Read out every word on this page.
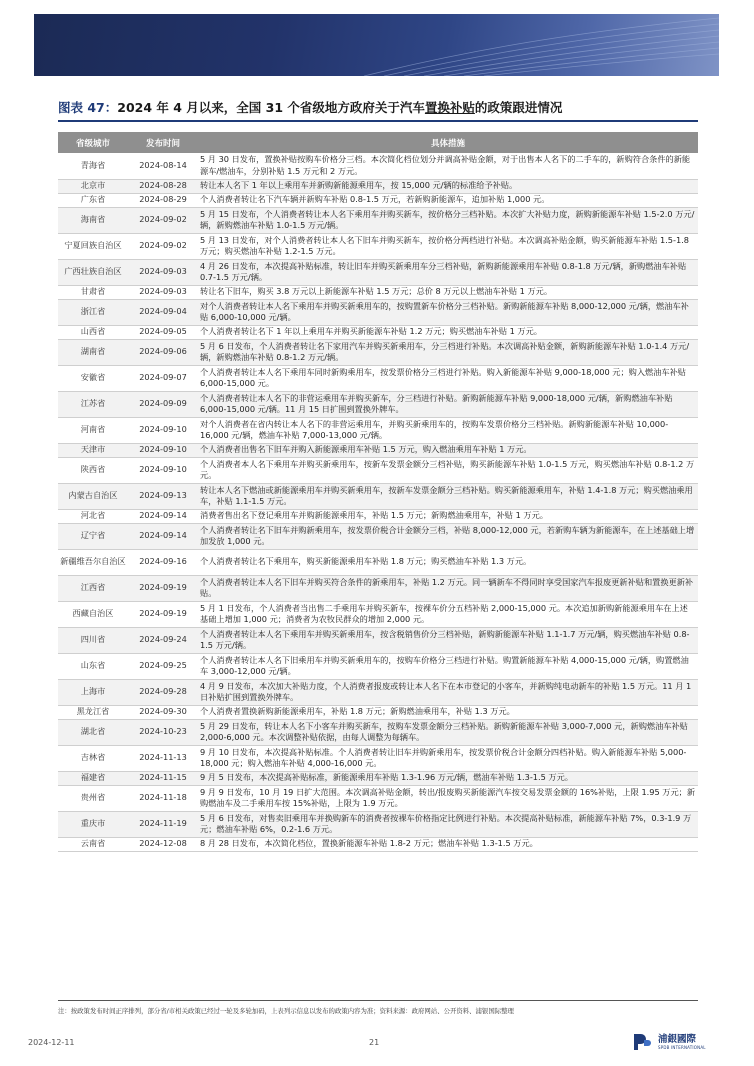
图表 47：2024 年 4 月以来，全国 31 个省级地方政府关于汽车置换补贴的政策跟进情况
省级城市	发布时间	具体措施
青海省	2024-08-14	5 月 30 日发布，置换补贴按购车价格分三档。本次简化档位划分并调高补贴金额，对于出售本人名下的二手车的，新购符合条件的新能源车/燃油车，分别补贴 1.5 万元和 2 万元。
北京市	2024-08-28	转让本人名下 1 年以上乘用车并新购新能源乘用车，按 15,000 元/辆的标准给予补贴。
广东省	2024-08-29	个人消费者转让名下汽车辆并新购车补贴 0.8-1.5 万元，若新购新能源车，追加补贴 1,000 元。
海南省	2024-09-02	5 月 15 日发布，个人消费者转让本人名下乘用车并购买新车，按价格分三档补贴。本次扩大补贴力度，新购新能源车补贴 1.5-2.0 万元/辆，新购燃油车补贴 1.0-1.5 万元/辆。
宁夏回族自治区	2024-09-02	5 月 13 日发布，对个人消费者转让本人名下旧车并购买新车，按价格分两档进行补贴。本次调高补贴金额，购买新能源车补贴 1.5-1.8 万元；购买燃油车补贴 1.2-1.5 万元。
广西壮族自治区	2024-09-03	4 月 26 日发布，本次提高补贴标准，转让旧车并购买新乘用车分三档补贴，新购新能源乘用车补贴 0.8-1.8 万元/辆，新购燃油车补贴 0.7-1.5 万元/辆。
甘肃省	2024-09-03	转让名下旧车，购买 3.8 万元以上新能源车补贴 1.5 万元；总价 8 万元以上燃油车补贴 1 万元。
浙江省	2024-09-04	对个人消费者转让本人名下乘用车并购买新乘用车的，按购置新车价格分三档补贴。新购新能源车补贴 8,000-12,000 元/辆，燃油车补贴 6,000-10,000 元/辆。
山西省	2024-09-05	个人消费者转让名下 1 年以上乘用车并购买新能源车补贴 1.2 万元；购买燃油车补贴 1 万元。
湖南省	2024-09-06	5 月 6 日发布，个人消费者转让名下家用汽车并购买新乘用车，分三档进行补贴。本次调高补贴金额，新购新能源车补贴 1.0-1.4 万元/辆，新购燃油车补贴 0.8-1.2 万元/辆。
安徽省	2024-09-07	个人消费者转让本人名下乘用车同时新购乘用车，按发票价格分三档进行补贴。购入新能源车补贴 9,000-18,000 元；购入燃油车补贴 6,000-15,000 元。
江苏省	2024-09-09	个人消费者转让本人名下的非营运乘用车并购买新车，分三档进行补贴。新购新能源车补贴 9,000-18,000 元/辆，新购燃油车补贴 6,000-15,000 元/辆。11 月 15 日扩围到置换外牌车。
河南省	2024-09-10	对个人消费者在省内转让本人名下的非营运乘用车，并购买新乘用车的，按购车发票价格分三档补贴。新购新能源车补贴 10,000-16,000 元/辆，燃油车补贴 7,000-13,000 元/辆。
天津市	2024-09-10	个人消费者出售名下旧车并购入新能源乘用车补贴 1.5 万元，购入燃油乘用车补贴 1 万元。
陕西省	2024-09-10	个人消费者本人名下乘用车并购买新乘用车，按新车发票金额分三档补贴，购买新能源车补贴 1.0-1.5 万元，购买燃油车补贴 0.8-1.2 万元。
内蒙古自治区	2024-09-13	转让本人名下燃油或新能源乘用车并购买新乘用车，按新车发票金额分三档补贴。购买新能源乘用车，补贴 1.4-1.8 万元；购买燃油乘用车，补贴 1.1-1.5 万元。
河北省	2024-09-14	消费者售出名下登记乘用车并购新能源乘用车，补贴 1.5 万元；新购燃油乘用车，补贴 1 万元。
辽宁省	2024-09-14	个人消费者转让名下旧车并购新乘用车，按发票价税合计金额分三档，补贴 8,000-12,000 元，若新购车辆为新能源车，在上述基础上增加发放 1,000 元。
新疆维吾尔自治区	2024-09-16	个人消费者转让名下乘用车，购买新能源乘用车补贴 1.8 万元；购买燃油车补贴 1.3 万元。
江西省	2024-09-19	个人消费者转让本人名下旧车并购买符合条件的新乘用车，补贴 1.2 万元。同一辆新车不得同时享受国家汽车报废更新补贴和置换更新补贴。
西藏自治区	2024-09-19	5 月 1 日发布，个人消费者当出售二手乘用车并购买新车，按裸车价分五档补贴 2,000-15,000 元。本次追加新购新能源乘用车在上述基础上增加 1,000 元；消费者为农牧民群众的增加 2,000 元。
四川省	2024-09-24	个人消费者转让本人名下乘用车并购买新乘用车，按含税销售价分三档补贴，新购新能源车补贴 1.1-1.7 万元/辆，购买燃油车补贴 0.8-1.5 万元/辆。
山东省	2024-09-25	个人消费者转让本人名下旧乘用车并购买新乘用车的，按购车价格分三档进行补贴。购置新能源车补贴 4,000-15,000 元/辆，购置燃油车 3,000-12,000 元/辆。
上海市	2024-09-28	4 月 9 日发布，本次加大补贴力度，个人消费者报废或转让本人名下在本市登记的小客车，并新购纯电动新车的补贴 1.5 万元。11 月 1 日补贴扩围到置换外牌车。
黑龙江省	2024-09-30	个人消费者置换新购新能源乘用车，补贴 1.8 万元；新购燃油乘用车，补贴 1.3 万元。
湖北省	2024-10-23	5 月 29 日发布，转让本人名下小客车并购买新车，按购车发票金额分三档补贴。新购新能源车补贴 3,000-7,000 元，新购燃油车补贴 2,000-6,000 元。本次调整补贴依据，由每人调整为每辆车。
吉林省	2024-11-13	9 月 10 日发布，本次提高补贴标准。个人消费者转让旧车并购新乘用车，按发票价税合计金额分四档补贴。购入新能源车补贴 5,000-18,000 元；购入燃油车补贴 4,000-16,000 元。
福建省	2024-11-15	9 月 5 日发布，本次提高补贴标准，新能源乘用车补贴 1.3-1.96 万元/辆，燃油车补贴 1.3-1.5 万元。
贵州省	2024-11-18	9 月 9 日发布，10 月 19 日扩大范围。本次调高补贴金额，转出/报废购买新能源汽车按交易发票金额的 16%补贴，上限 1.95 万元；新购燃油车及二手乘用车按 15%补贴，上限为 1.9 万元。
重庆市	2024-11-19	5 月 6 日发布，对售卖旧乘用车并换购新车的消费者按裸车价格指定比例进行补贴。本次提高补贴标准，新能源车补贴 7%，0.3-1.9 万元；燃油车补贴 6%，0.2-1.6 万元。
云南省	2024-12-08	8 月 28 日发布，本次简化档位，置换新能源车补贴 1.8-2 万元；燃油车补贴 1.3-1.5 万元。
注：按政策发布时间正序排列，部分省/市相关政策已经过一轮及多轮加码，上表列示信息以发布的政策内容为准；资料来源：政府网站、公开资料、浦银国际整理
2024-12-11	21	浦銀國際
SPDB INTERNATIONAL
